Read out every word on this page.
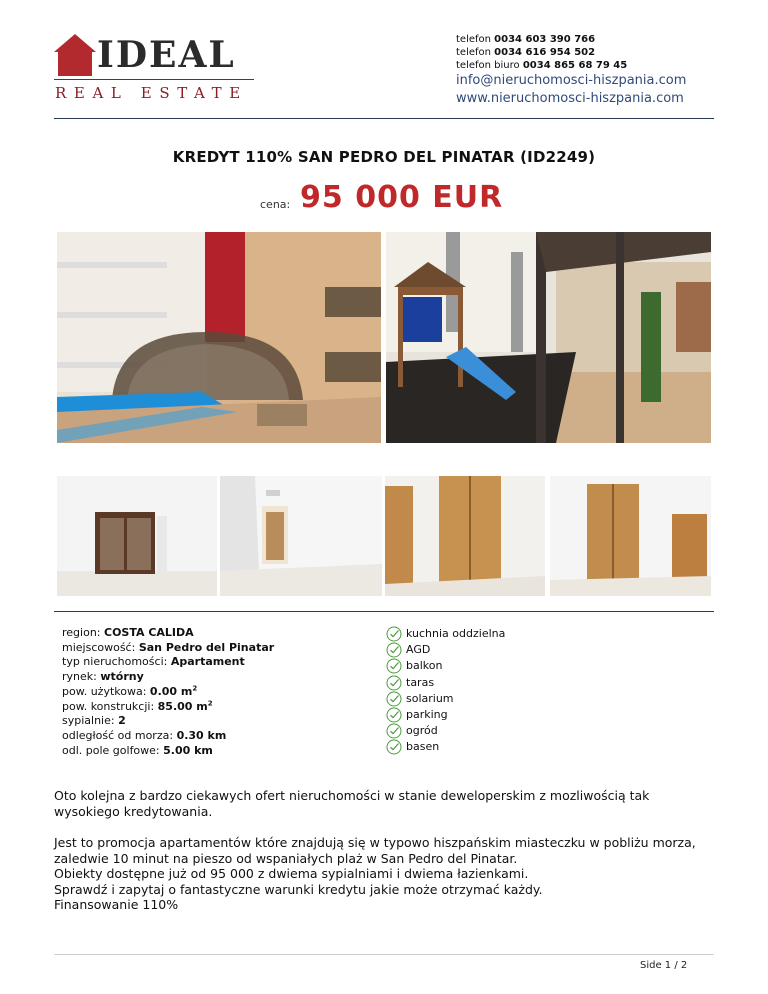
IDEAL
REAL ESTATE
telefon 0034 603 390 766
telefon 0034 616 954 502
telefon biuro 0034 865 68 79 45
info@nieruchomosci-hiszpania.com
www.nieruchomosci-hiszpania.com
KREDYT 110% SAN PEDRO DEL PINATAR (ID2249)
cena: 95 000 EUR
region: COSTA CALIDA
miejscowość: San Pedro del Pinatar
typ nieruchomości: Apartament
rynek: wtórny
pow. użytkowa: 0.00 $m^2$
pow. konstrukcji: 85.00 $m^2$
sypialnie: 2
odległość od morza: 0.30 km
odl. pole golfowe: 5.00 km
kuchnia oddzielna
AGD
balkon
taras
solarium
parking
ogród
basen

Oto kolejna z bardzo ciekawych ofert nieruchomości w stanie deweloperskim z mozliwością tak wysokiego kredytowania.

Jest to promocja apartamentów które znajdują się w typowo hiszpańskim miasteczku w pobliżu morza, zaledwie 10 minut na pieszo od wspaniałych plaż w San Pedro del Pinatar.

Obiekty dostępne już od 95 000 z dwiema sypialniami i dwiema łazienkami.

Sprawdź i zapytaj o fantastyczne warunki kredytu jakie może otrzymać każdy.

Finansowanie 110%

Side 1 / 2
